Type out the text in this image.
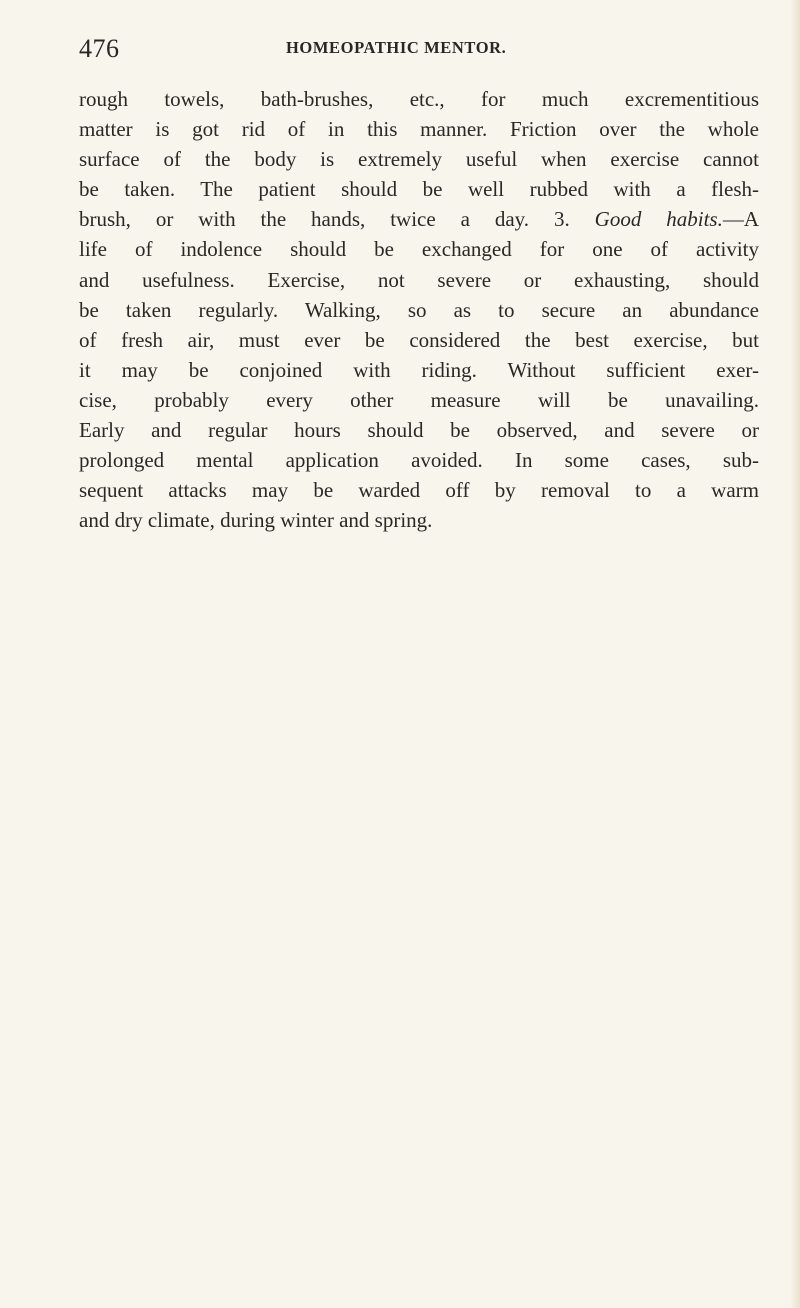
476	HOMEOPATHIC MENTOR.
rough towels, bath-brushes, etc., for much excrementitious
matter is got rid of in this manner. Friction over the whole
surface of the body is extremely useful when exercise cannot
be taken. The patient should be well rubbed with a flesh-
brush, or with the hands, twice a day. 3. Good habits.—A
life of indolence should be exchanged for one of activity
and usefulness. Exercise, not severe or exhausting, should
be taken regularly. Walking, so as to secure an abundance
of fresh air, must ever be considered the best exercise, but
it may be conjoined with riding. Without sufficient exer-
cise, probably every other measure will be unavailing.
Early and regular hours should be observed, and severe or
prolonged mental application avoided. In some cases, sub-
sequent attacks may be warded off by removal to a warm
and dry climate, during winter and spring.
